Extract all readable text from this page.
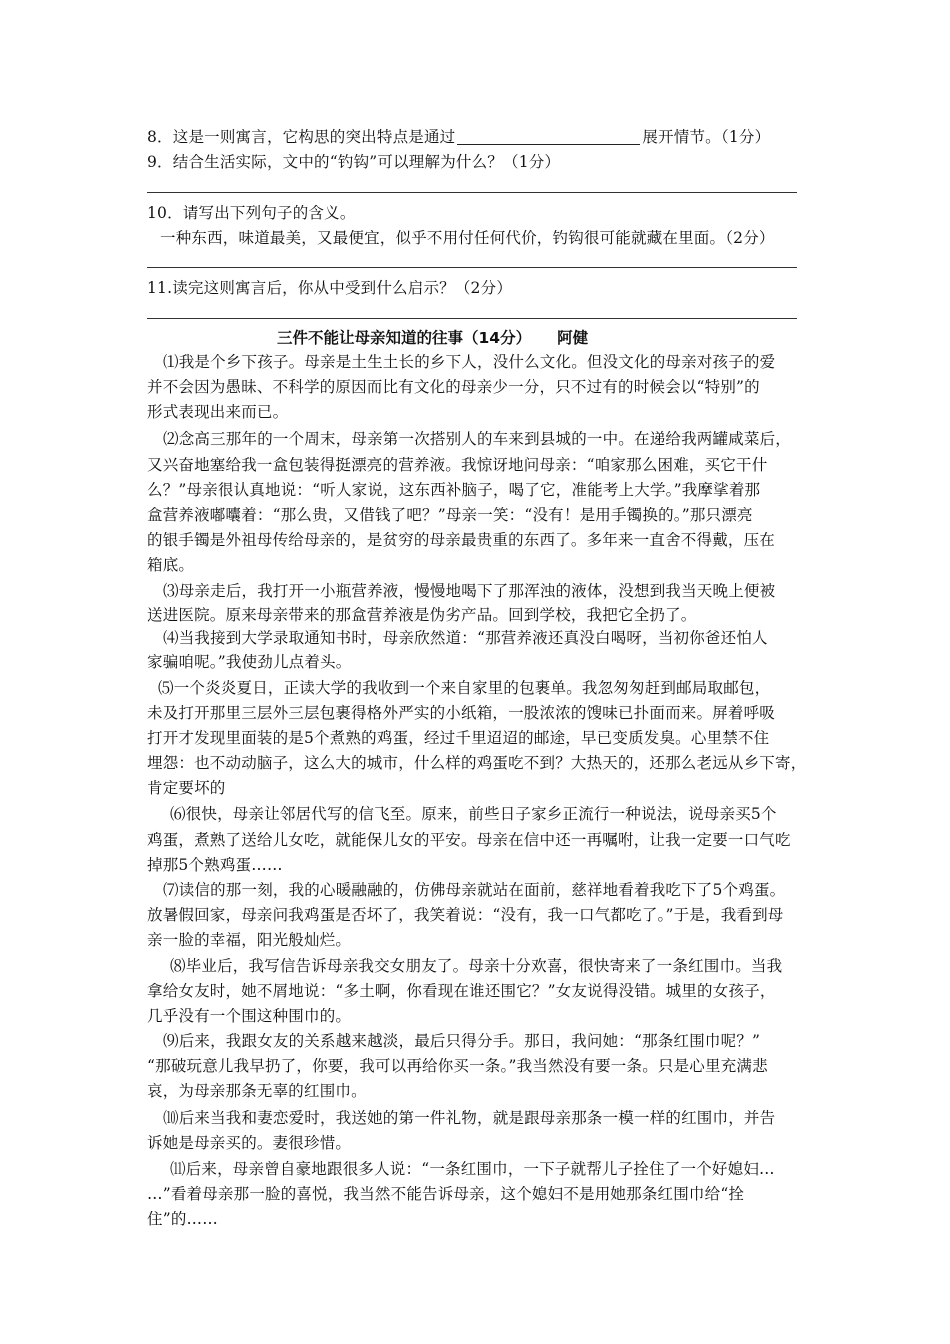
8．这是一则寓言，它构思的突出特点是通过	展开情节。（1分）
9．结合生活实际，文中的“钓钩”可以理解为什么？（1分）
10．请写出下列句子的含义。
一种东西，味道最美，又最便宜，似乎不用付任何代价，钓钩很可能就藏在里面。（2分）
11.读完这则寓言后，你从中受到什么启示？（2分）
三件不能让母亲知道的往事（14分） 阿健
⑴我是个乡下孩子。母亲是土生土长的乡下人，没什么文化。但没文化的母亲对孩子的爱
并不会因为愚昧、不科学的原因而比有文化的母亲少一分，只不过有的时候会以“特别”的
形式表现出来而已。
⑵念高三那年的一个周末，母亲第一次搭别人的车来到县城的一中。在递给我两罐咸菜后，
又兴奋地塞给我一盒包装得挺漂亮的营养液。我惊讶地问母亲：“咱家那么困难，买它干什
么？”母亲很认真地说：“听人家说，这东西补脑子，喝了它，准能考上大学。”我摩挲着那
盒营养液嘟囔着：“那么贵，又借钱了吧？”母亲一笑：“没有！是用手镯换的。”那只漂亮
的银手镯是外祖母传给母亲的，是贫穷的母亲最贵重的东西了。多年来一直舍不得戴，压在
箱底。
⑶母亲走后，我打开一小瓶营养液，慢慢地喝下了那浑浊的液体，没想到我当天晚上便被
送进医院。原来母亲带来的那盒营养液是伪劣产品。回到学校，我把它全扔了。
⑷当我接到大学录取通知书时，母亲欣然道：“那营养液还真没白喝呀，当初你爸还怕人
家骗咱呢。”我使劲儿点着头。
⑸一个炎炎夏日，正读大学的我收到一个来自家里的包裹单。我忽匆匆赶到邮局取邮包，
未及打开那里三层外三层包裹得格外严实的小纸箱，一股浓浓的馊味已扑面而来。屏着呼吸
打开才发现里面装的是5个煮熟的鸡蛋，经过千里迢迢的邮途，早已变质发臭。心里禁不住
埋怨：也不动动脑子，这么大的城市，什么样的鸡蛋吃不到？大热天的，还那么老远从乡下寄，
肯定要坏的
⑹很快，母亲让邻居代写的信飞至。原来，前些日子家乡正流行一种说法，说母亲买5个
鸡蛋，煮熟了送给儿女吃，就能保儿女的平安。母亲在信中还一再嘱咐，让我一定要一口气吃
掉那5个熟鸡蛋……
⑺读信的那一刻，我的心暖融融的，仿佛母亲就站在面前，慈祥地看着我吃下了5个鸡蛋。
放暑假回家，母亲问我鸡蛋是否坏了，我笑着说：“没有，我一口气都吃了。”于是，我看到母
亲一脸的幸福，阳光般灿烂。
⑻毕业后，我写信告诉母亲我交女朋友了。母亲十分欢喜，很快寄来了一条红围巾。当我
拿给女友时，她不屑地说：“多土啊，你看现在谁还围它？”女友说得没错。城里的女孩子，
几乎没有一个围这种围巾的。
⑼后来，我跟女友的关系越来越淡，最后只得分手。那日，我问她：“那条红围巾呢？”
“那破玩意儿我早扔了，你要，我可以再给你买一条。”我当然没有要一条。只是心里充满悲
哀，为母亲那条无辜的红围巾。
⑽后来当我和妻恋爱时，我送她的第一件礼物，就是跟母亲那条一模一样的红围巾，并告
诉她是母亲买的。妻很珍惜。
⑾后来，母亲曾自豪地跟很多人说：“一条红围巾，一下子就帮儿子拴住了一个好媳妇…
…”看着母亲那一脸的喜悦，我当然不能告诉母亲，这个媳妇不是用她那条红围巾给“拴
住”的……
